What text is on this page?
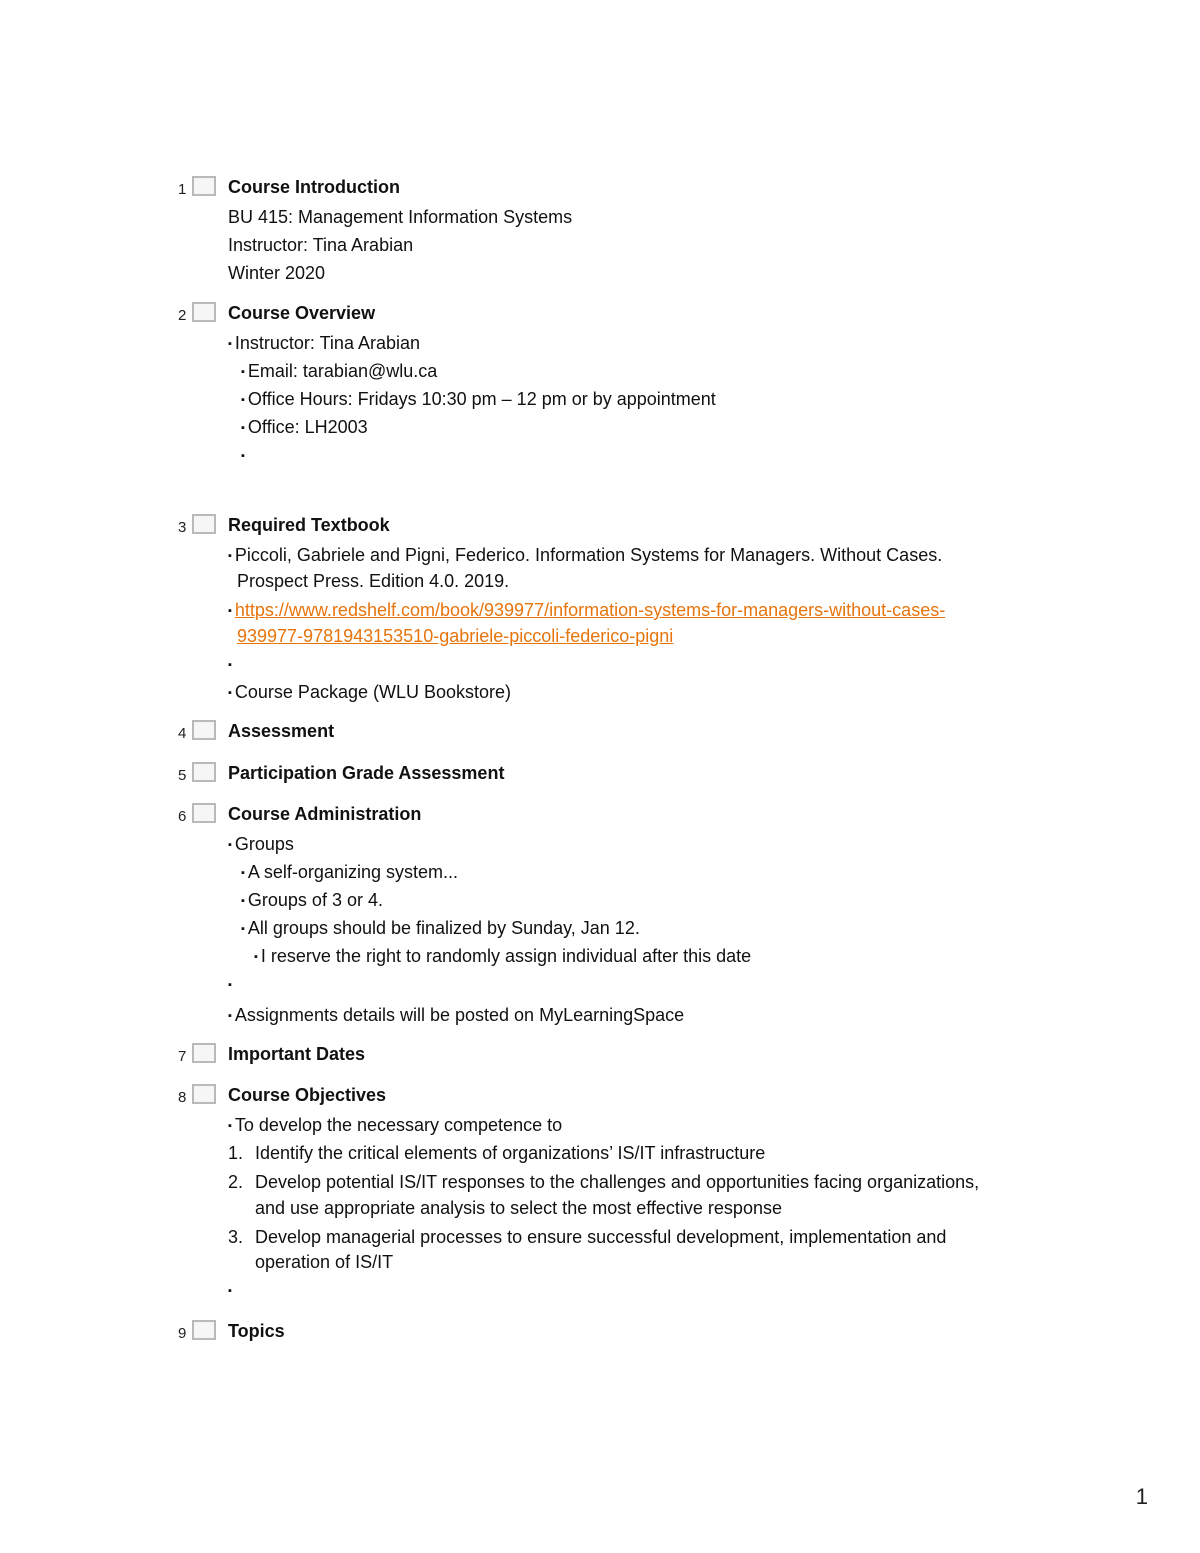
1 Course Introduction
BU 415: Management Information Systems
Instructor: Tina Arabian
Winter 2020
2 Course Overview
▪ Instructor: Tina Arabian
▪ Email: tarabian@wlu.ca
▪ Office Hours: Fridays 10:30 pm – 12 pm or by appointment
▪ Office: LH2003
▪
3 Required Textbook
▪ Piccoli, Gabriele and Pigni, Federico. Information Systems for Managers. Without Cases.
Prospect Press. Edition 4.0. 2019.
▪ https://www.redshelf.com/book/939977/information-systems-for-managers-without-cases-
939977-9781943153510-gabriele-piccoli-federico-pigni
▪
▪ Course Package (WLU Bookstore)
4 Assessment
5 Participation Grade Assessment
6 Course Administration
▪ Groups
▪ A self-organizing system...
▪ Groups of 3 or 4.
▪ All groups should be finalized by Sunday, Jan 12.
▪ I reserve the right to randomly assign individual after this date
▪
▪ Assignments details will be posted on MyLearningSpace
7 Important Dates
8 Course Objectives
▪ To develop the necessary competence to
1. Identify the critical elements of organizations’ IS/IT infrastructure
2. Develop potential IS/IT responses to the challenges and opportunities facing organizations,
and use appropriate analysis to select the most effective response
3. Develop managerial processes to ensure successful development, implementation and
operation of IS/IT
▪
9 Topics
1
